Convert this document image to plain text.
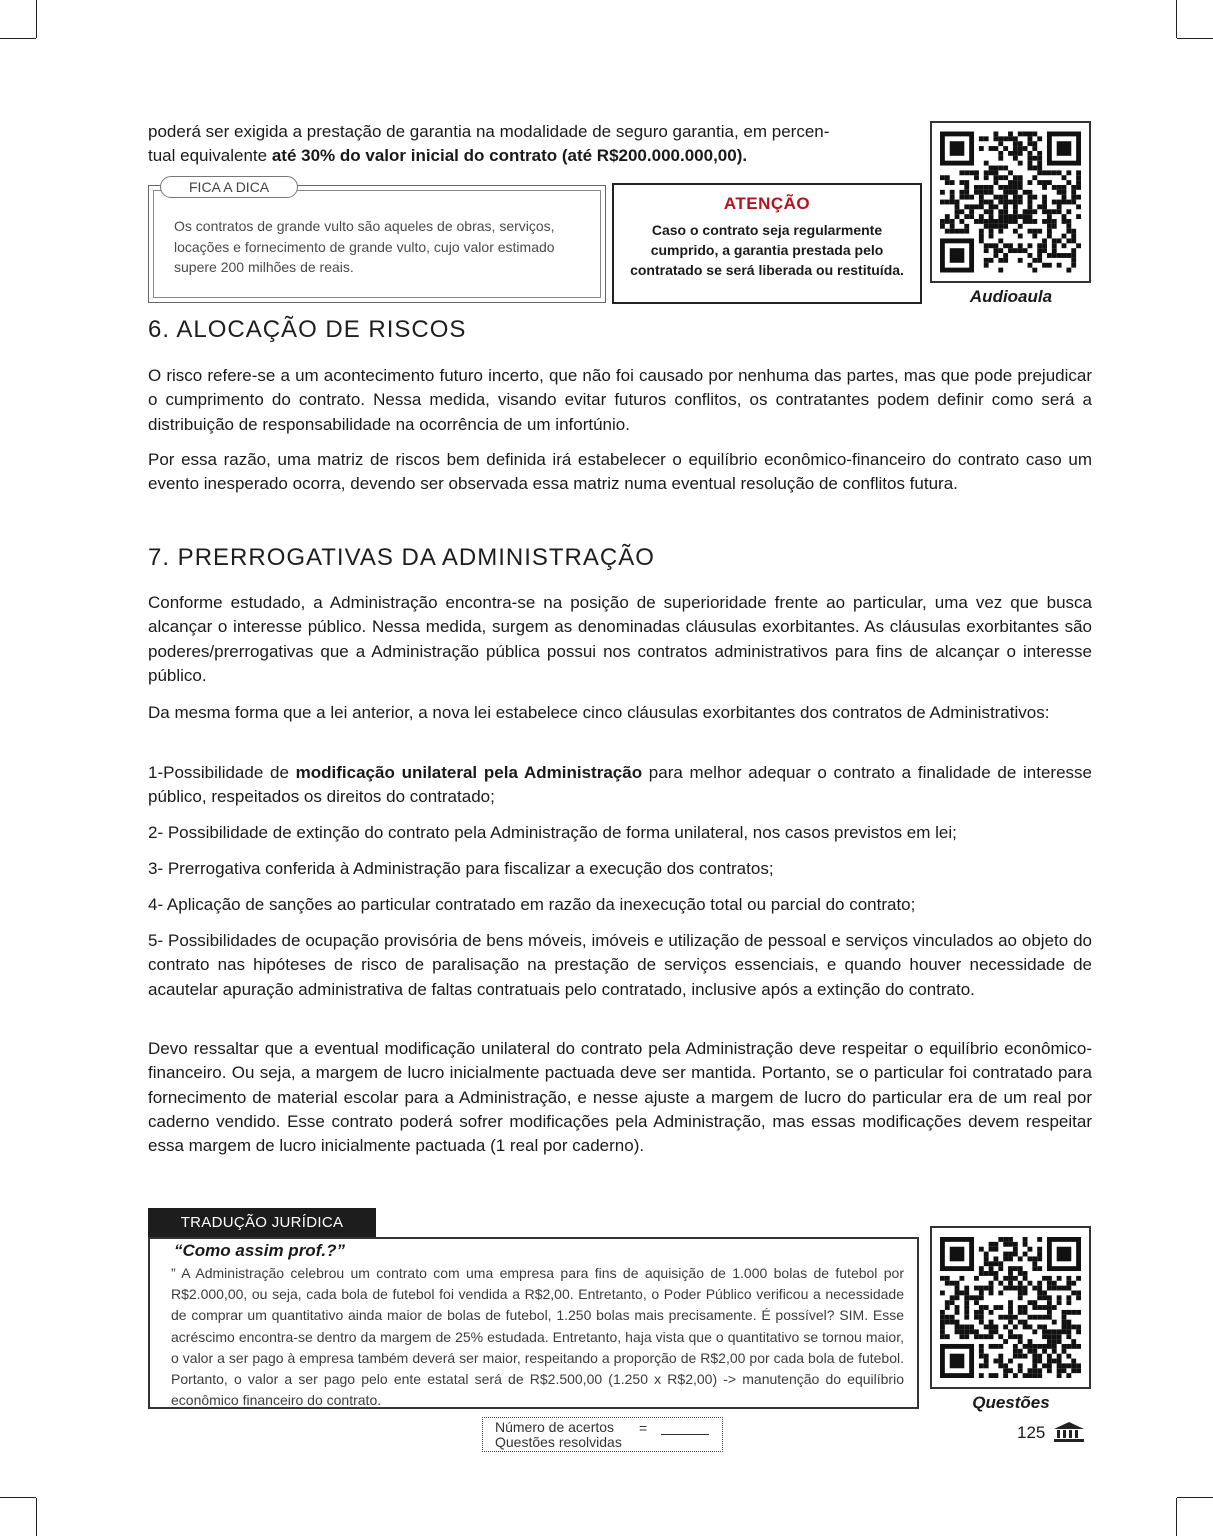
poderá ser exigida a prestação de garantia na modalidade de seguro garantia, em percen-
tual equivalente até 30% do valor inicial do contrato (até R$200.000.000,00).

FICA A DICA
Os contratos de grande vulto são aqueles de obras, serviços, locações e fornecimento de grande vulto, cujo valor estimado supere 200 milhões de reais.
ATENÇÃO
Caso o contrato seja regularmente cumprido, a garantia prestada pelo contratado se será liberada ou restituída.
Audioaula
6. ALOCAÇÃO DE RISCOS

O risco refere-se a um acontecimento futuro incerto, que não foi causado por nenhuma das partes, mas que pode prejudicar o cumprimento do contrato. Nessa medida, visando evitar futuros conflitos, os contratantes podem definir como será a distribuição de responsabilidade na ocorrência de um infortúnio.

Por essa razão, uma matriz de riscos bem definida irá estabelecer o equilíbrio econômico-financeiro do contrato caso um evento inesperado ocorra, devendo ser observada essa matriz numa eventual resolução de conflitos futura.

7. PRERROGATIVAS DA ADMINISTRAÇÃO

Conforme estudado, a Administração encontra-se na posição de superioridade frente ao particular, uma vez que busca alcançar o interesse público. Nessa medida, surgem as denominadas cláusulas exorbitantes. As cláusulas exorbitantes são poderes/prerrogativas que a Administração pública possui nos contratos administrativos para fins de alcançar o interesse público.

Da mesma forma que a lei anterior, a nova lei estabelece cinco cláusulas exorbitantes dos contratos de Administrativos:

1-Possibilidade de modificação unilateral pela Administração para melhor adequar o contrato a finalidade de interesse público, respeitados os direitos do contratado;

2- Possibilidade de extinção do contrato pela Administração de forma unilateral, nos casos previstos em lei;

3- Prerrogativa conferida à Administração para fiscalizar a execução dos contratos;

4- Aplicação de sanções ao particular contratado em razão da inexecução total ou parcial do contrato;

5- Possibilidades de ocupação provisória de bens móveis, imóveis e utilização de pessoal e serviços vinculados ao objeto do contrato nas hipóteses de risco de paralisação na prestação de serviços essenciais, e quando houver necessidade de acautelar apuração administrativa de faltas contratuais pelo contratado, inclusive após a extinção do contrato.

Devo ressaltar que a eventual modificação unilateral do contrato pela Administração deve respeitar o equilíbrio econômico-financeiro. Ou seja, a margem de lucro inicialmente pactuada deve ser mantida. Portanto, se o particular foi contratado para fornecimento de material escolar para a Administração, e nesse ajuste a margem de lucro do particular era de um real por caderno vendido. Esse contrato poderá sofrer modificações pela Administração, mas essas modificações devem respeitar essa margem de lucro inicialmente pactuada (1 real por caderno).

TRADUÇÃO JURÍDICA
“Como assim prof.?”
” A Administração celebrou um contrato com uma empresa para fins de aquisição de 1.000 bolas de futebol por R$2.000,00, ou seja, cada bola de futebol foi vendida a R$2,00. Entretanto, o Poder Público verificou a necessidade de comprar um quantitativo ainda maior de bolas de futebol, 1.250 bolas mais precisamente. É possível? SIM. Esse acréscimo encontra-se dentro da margem de 25% estudada. Entretanto, haja vista que o quantitativo se tornou maior, o valor a ser pago à empresa também deverá ser maior, respeitando a proporção de R$2,00 por cada bola de futebol. Portanto, o valor a ser pago pelo ente estatal será de R$2.500,00 (1.250 x R$2,00) -> manutenção do equilíbrio econômico financeiro do contrato.	Questões
Número de acertos =
Questões resolvidas	125
